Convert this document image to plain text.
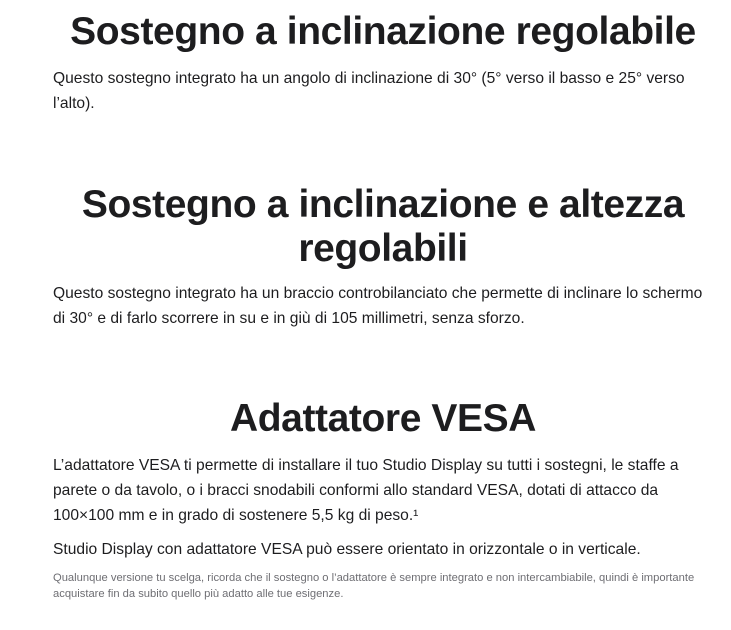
Sostegno a inclinazione regolabile

Questo sostegno integrato ha un angolo di inclinazione di 30° (5° verso il basso e 25° verso l’alto).

Sostegno a inclinazione e altezza regolabili

Questo sostegno integrato ha un braccio controbilanciato che permette di inclinare lo schermo di 30° e di farlo scorrere in su e in giù di 105 millimetri, senza sforzo.

Adattatore VESA

L’adattatore VESA ti permette di installare il tuo Studio Display su tutti i sostegni, le staffe a parete o da tavolo, o i bracci snodabili conformi allo standard VESA, dotati di attacco da 100×100 mm e in grado di sostenere 5,5 kg di peso.¹

Studio Display con adattatore VESA può essere orientato in orizzontale o in verticale.

Qualunque versione tu scelga, ricorda che il sostegno o l’adattatore è sempre integrato e non intercambiabile, quindi è importante acquistare fin da subito quello più adatto alle tue esigenze.
